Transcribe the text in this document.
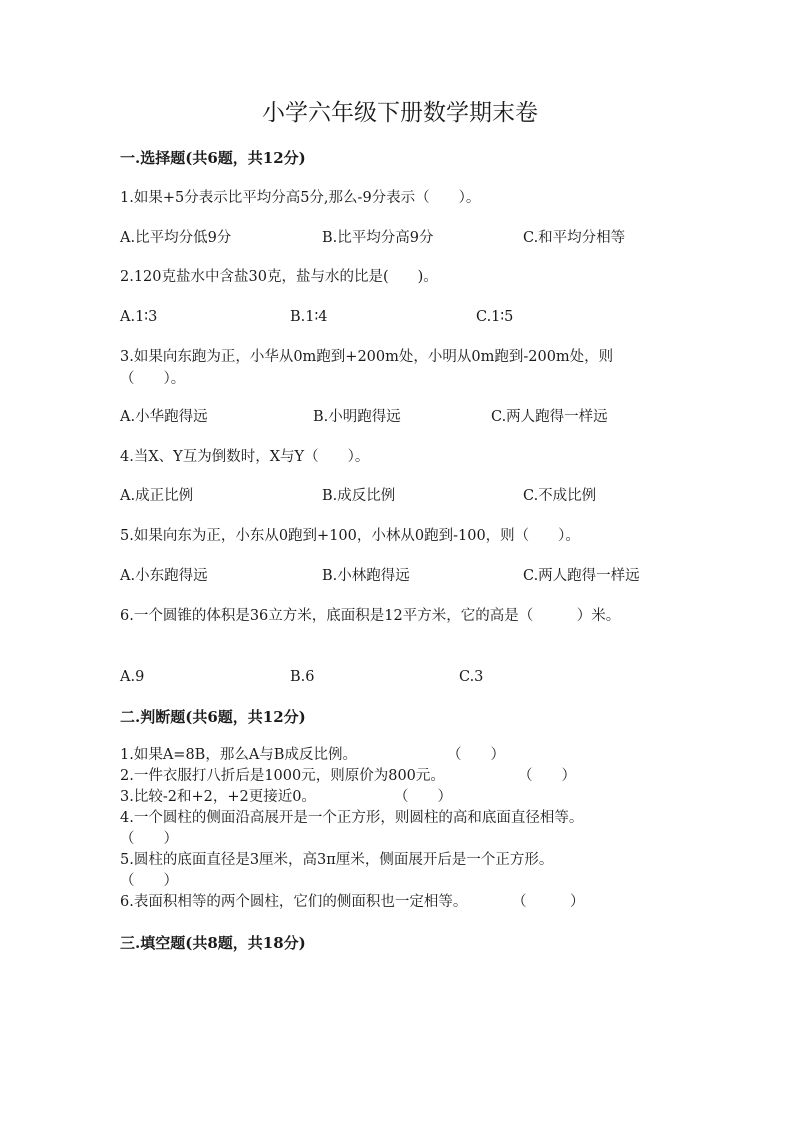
小学六年级下册数学期末卷
一.选择题(共6题，共12分)
1.如果+5分表示比平均分高5分,那么-9分表示（　　）。
A.比平均分低9分	B.比平均分高9分	C.和平均分相等
2.120克盐水中含盐30克，盐与水的比是(　　)。
A.1∶3	B.1∶4	C.1∶5
3.如果向东跑为正，小华从0m跑到+200m处，小明从0m跑到-200m处，则
（　　）。
A.小华跑得远	B.小明跑得远	C.两人跑得一样远
4.当X、Y互为倒数时，X与Y（　　）。
A.成正比例	B.成反比例	C.不成比例
5.如果向东为正，小东从0跑到+100，小林从0跑到-100，则（　　）。
A.小东跑得远	B.小林跑得远	C.两人跑得一样远
6.一个圆锥的体积是36立方米，底面积是12平方米，它的高是（　　　）米。
A.9	B.6	C.3
二.判断题(共6题，共12分)
1.如果A=8B，那么A与B成反比例。	（　　）
2.一件衣服打八折后是1000元，则原价为800元。	（　　）
3.比较-2和+2，+2更接近0。	（　　）
4.一个圆柱的侧面沿高展开是一个正方形，则圆柱的高和底面直径相等。
（　　）
5.圆柱的底面直径是3厘米，高3π厘米，侧面展开后是一个正方形。
（　　）
6.表面积相等的两个圆柱，它们的侧面积也一定相等。	（　　　）
三.填空题(共8题，共18分)
